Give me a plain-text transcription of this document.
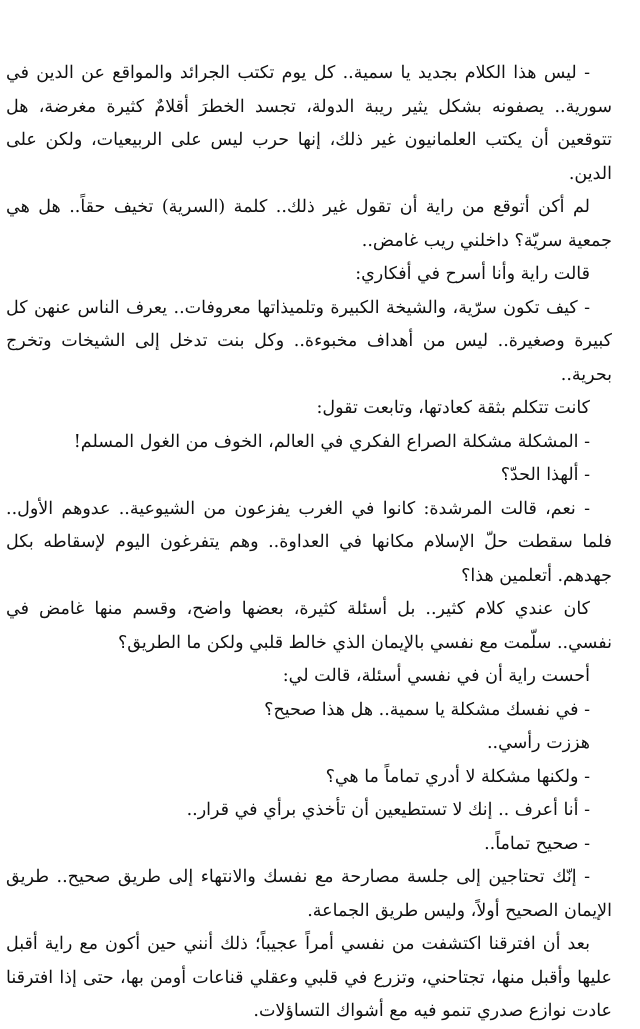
- ليس هذا الكلام بجديد يا سمية.. كل يوم تكتب الجرائد والمواقع عن الدين في سورية.. يصفونه بشكل يثير ريبة الدولة، تجسد الخطرَ أقلامٌ كثيرة مغرضة، هل تتوقعين أن يكتب العلمانيون غير ذلك، إنها حرب ليس على الربيعيات، ولكن على الدين.

لم أكن أتوقع من راية أن تقول غير ذلك.. كلمة (السرية) تخيف حقاً.. هل هي جمعية سريّة؟ داخلني ريب غامض..

قالت راية وأنا أسرح في أفكاري:

- كيف تكون سرّية، والشيخة الكبيرة وتلميذاتها معروفات.. يعرف الناس عنهن كل كبيرة وصغيرة.. ليس من أهداف مخبوءة.. وكل بنت تدخل إلى الشيخات وتخرج بحرية..

كانت تتكلم بثقة كعادتها، وتابعت تقول:

- المشكلة مشكلة الصراع الفكري في العالم، الخوف من الغول المسلم!

- ألهذا الحدّ؟

- نعم، قالت المرشدة: كانوا في الغرب يفزعون من الشيوعية.. عدوهم الأول.. فلما سقطت حلّ الإسلام مكانها في العداوة.. وهم يتفرغون اليوم لإسقاطه بكل جهدهم. أتعلمين هذا؟

كان عندي كلام كثير.. بل أسئلة كثيرة، بعضها واضح، وقسم منها غامض في نفسي.. سلّمت مع نفسي بالإيمان الذي خالط قلبي ولكن ما الطريق؟

أحست راية أن في نفسي أسئلة، قالت لي:

- في نفسك مشكلة يا سمية.. هل هذا صحيح؟

هززت رأسي..

- ولكنها مشكلة لا أدري تماماً ما هي؟

- أنا أعرف .. إنك لا تستطيعين أن تأخذي برأي في قرار..

- صحيح تماماً..

- إنّك تحتاجين إلى جلسة مصارحة مع نفسك والانتهاء إلى طريق صحيح.. طريق الإيمان الصحيح أولاً، وليس طريق الجماعة.

بعد أن افترقنا اكتشفت من نفسي أمراً عجيباً؛ ذلك أنني حين أكون مع راية أقبل عليها وأقبل منها، تجتاحني، وتزرع في قلبي وعقلي قناعات أومن بها، حتى إذا افترقنا عادت نوازع صدري تنمو فيه مع أشواك التساؤلات.
